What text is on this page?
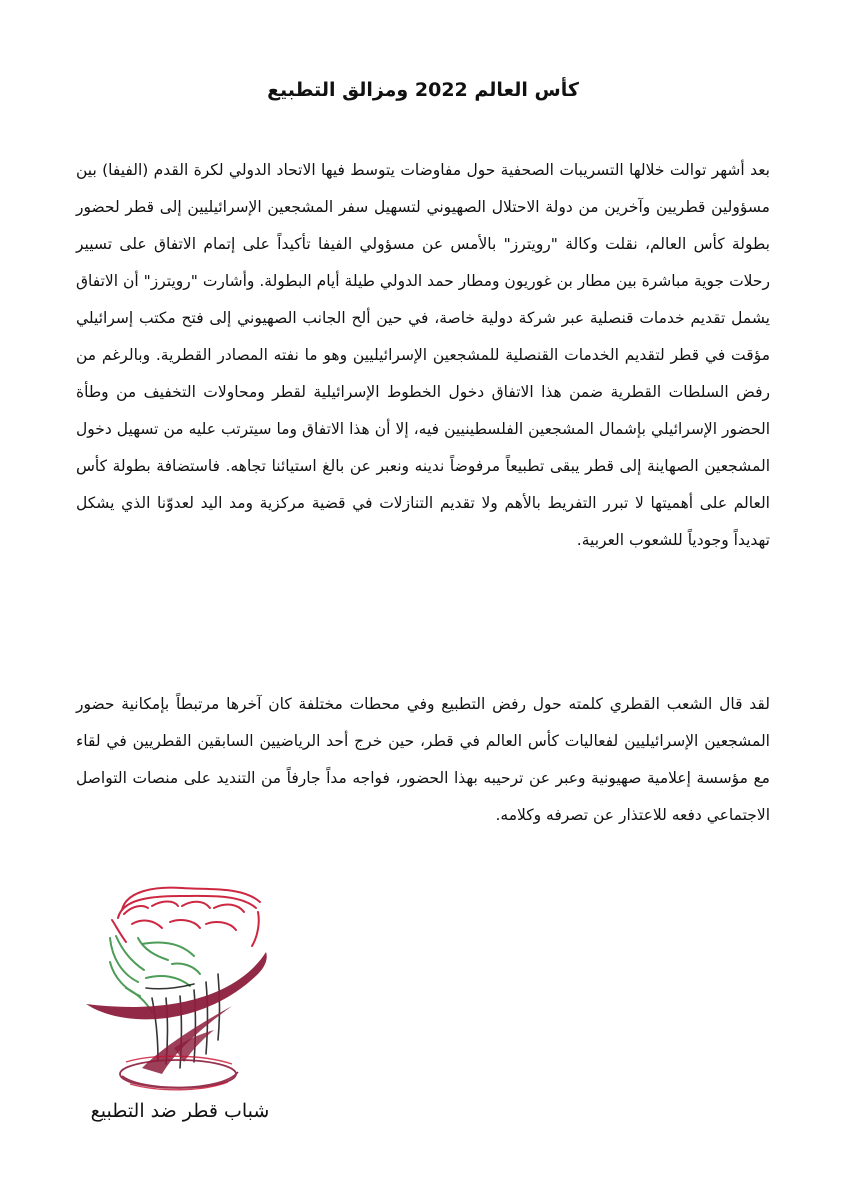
كأس العالم 2022 ومزالق التطبيع

بعد أشهر توالت خلالها التسريبات الصحفية حول مفاوضات يتوسط فيها الاتحاد الدولي لكرة القدم (الفيفا) بين مسؤولين قطريين وآخرين من دولة الاحتلال الصهيوني لتسهيل سفر المشجعين الإسرائيليين إلى قطر لحضور بطولة كأس العالم، نقلت وكالة "رويترز" بالأمس عن مسؤولي الفيفا تأكيداً على إتمام الاتفاق على تسيير رحلات جوية مباشرة بين مطار بن غوريون ومطار حمد الدولي طيلة أيام البطولة. وأشارت "رويترز" أن الاتفاق يشمل تقديم خدمات قنصلية عبر شركة دولية خاصة، في حين ألح الجانب الصهيوني إلى فتح مكتب إسرائيلي مؤقت في قطر لتقديم الخدمات القنصلية للمشجعين الإسرائيليين وهو ما نفته المصادر القطرية. وبالرغم من رفض السلطات القطرية ضمن هذا الاتفاق دخول الخطوط الإسرائيلية لقطر ومحاولات التخفيف من وطأة الحضور الإسرائيلي بإشمال المشجعين الفلسطينيين فيه، إلا أن هذا الاتفاق وما سيترتب عليه من تسهيل دخول المشجعين الصهاينة إلى قطر يبقى تطبيعاً مرفوضاً ندينه ونعبر عن بالغ استيائنا تجاهه. فاستضافة بطولة كأس العالم على أهميتها لا تبرر التفريط بالأهم ولا تقديم التنازلات في قضية مركزية ومد اليد لعدوّنا الذي يشكل تهديداً وجودياً للشعوب العربية.

لقد قال الشعب القطري كلمته حول رفض التطبيع وفي محطات مختلفة كان آخرها مرتبطاً بإمكانية حضور المشجعين الإسرائيليين لفعاليات كأس العالم في قطر، حين خرج أحد الرياضيين السابقين القطريين في لقاء مع مؤسسة إعلامية صهيونية وعبر عن ترحيبه بهذا الحضور، فواجه مداً جارفاً من التنديد على منصات التواصل الاجتماعي دفعه للاعتذار عن تصرفه وكلامه.

شباب قطر ضد التطبيع
